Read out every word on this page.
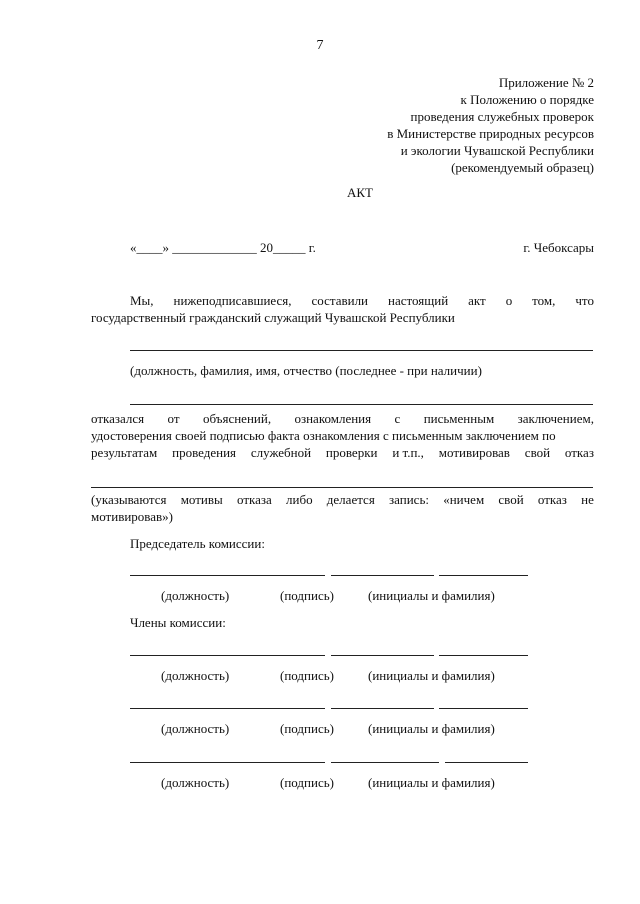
7
Приложение № 2
к Положению о порядке
проведения служебных проверок
в Министерстве природных ресурсов
и экологии Чувашской Республики
(рекомендуемый образец)
АКТ
«____» _____________ 20_____ г.	г. Чебоксары
Мы, нижеподписавшиеся, составили настоящий акт о том, что
государственный гражданский служащий Чувашской Республики
(должность, фамилия, имя, отчество (последнее - при наличии)
отказался от объяснений, ознакомления с письменным заключением,
удостоверения своей подписью факта ознакомления с письменным заключением по
результатам проведения служебной проверки и т.п., мотивировав свой отказ
(указываются мотивы отказа либо делается запись: «ничем свой отказ не
мотивировав»)
Председатель комиссии:
(должность)	(подпись)	(инициалы и фамилия)
Члены комиссии:
(должность)	(подпись)	(инициалы и фамилия)
(должность)	(подпись)	(инициалы и фамилия)
(должность)	(подпись)	(инициалы и фамилия)
